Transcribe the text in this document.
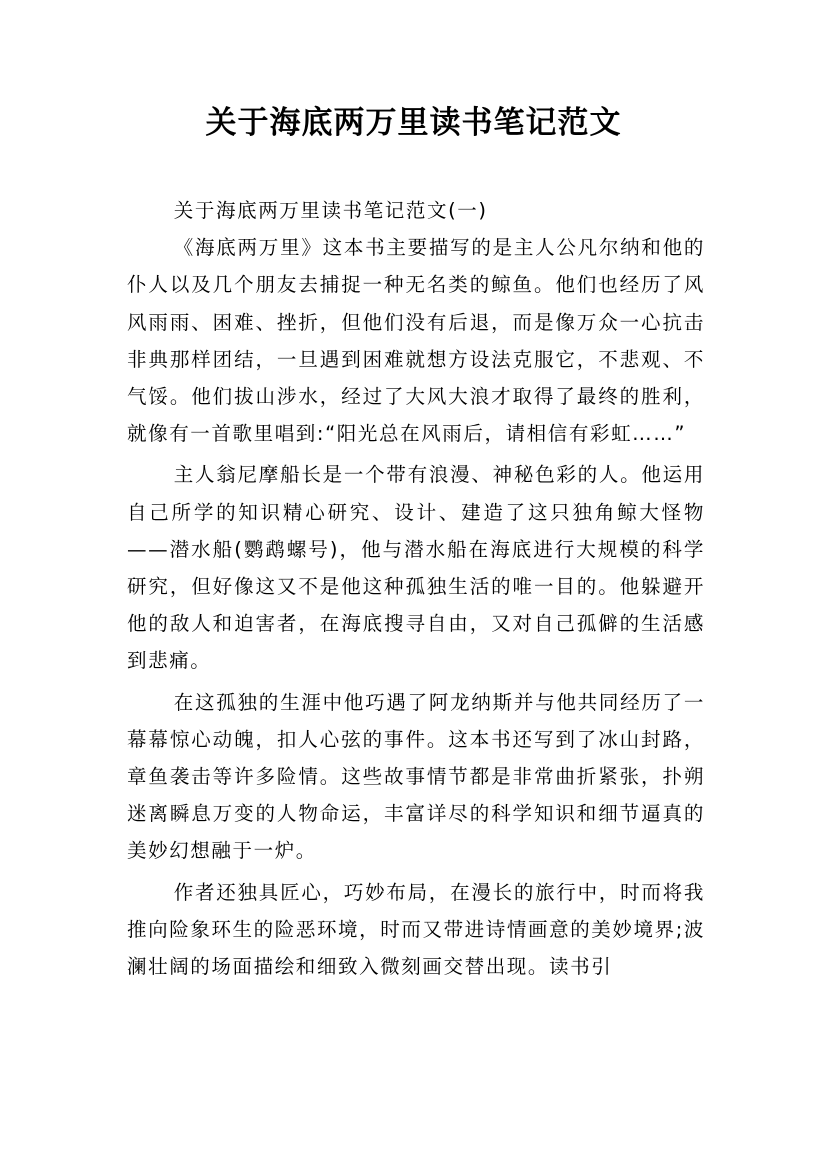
关于海底两万里读书笔记范文

关于海底两万里读书笔记范文(一)

《海底两万里》这本书主要描写的是主人公凡尔纳和他的仆人以及几个朋友去捕捉一种无名类的鲸鱼。他们也经历了风风雨雨、困难、挫折，但他们没有后退，而是像万众一心抗击非典那样团结，一旦遇到困难就想方设法克服它，不悲观、不气馁。他们拔山涉水，经过了大风大浪才取得了最终的胜利，就像有一首歌里唱到:“阳光总在风雨后，请相信有彩虹……”

主人翁尼摩船长是一个带有浪漫、神秘色彩的人。他运用自己所学的知识精心研究、设计、建造了这只独角鲸大怪物——潜水船(鹦鹉螺号)，他与潜水船在海底进行大规模的科学研究，但好像这又不是他这种孤独生活的唯一目的。他躲避开他的敌人和迫害者，在海底搜寻自由，又对自己孤僻的生活感到悲痛。

在这孤独的生涯中他巧遇了阿龙纳斯并与他共同经历了一幕幕惊心动魄，扣人心弦的事件。这本书还写到了冰山封路，章鱼袭击等许多险情。这些故事情节都是非常曲折紧张，扑朔迷离瞬息万变的人物命运，丰富详尽的科学知识和细节逼真的美妙幻想融于一炉。

作者还独具匠心，巧妙布局，在漫长的旅行中，时而将我推向险象环生的险恶环境，时而又带进诗情画意的美妙境界;波澜壮阔的场面描绘和细致入微刻画交替出现。读书引
